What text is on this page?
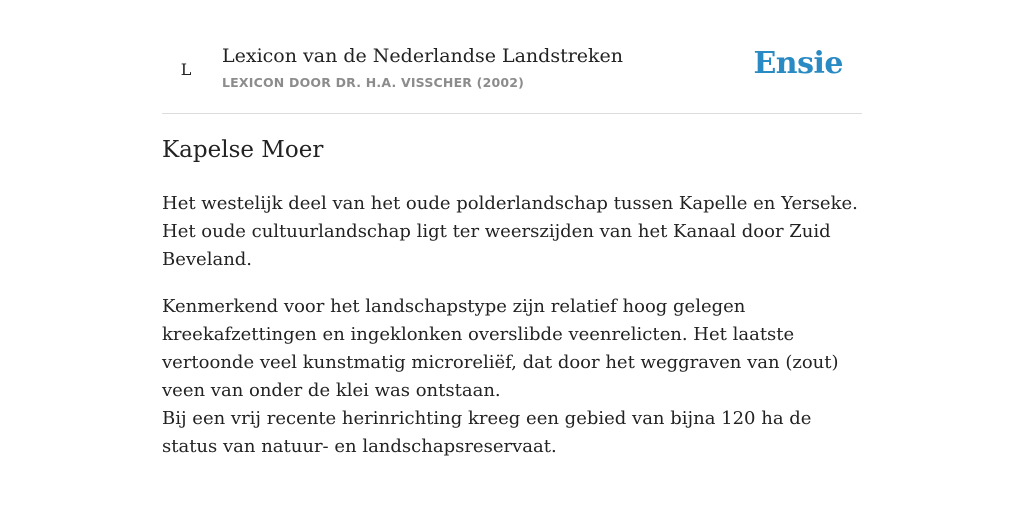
L
Lexicon van de Nederlandse Landstreken
LEXICON DOOR DR. H.A. VISSCHER (2002)
Ensie
Kapelse Moer

Het westelijk deel van het oude polderlandschap tussen Kapelle en Yerseke. Het oude cultuurlandschap ligt ter weerszijden van het Kanaal door Zuid Beveland.

Kenmerkend voor het landschapstype zijn relatief hoog gelegen kreekafzettingen en ingeklonken overslibde veenrelicten. Het laatste vertoonde veel kunstmatig microreliëf, dat door het weggraven van (zout) veen van onder de klei was ontstaan.
Bij een vrij recente herinrichting kreeg een gebied van bijna 120 ha de status van natuur- en landschapsreservaat.
